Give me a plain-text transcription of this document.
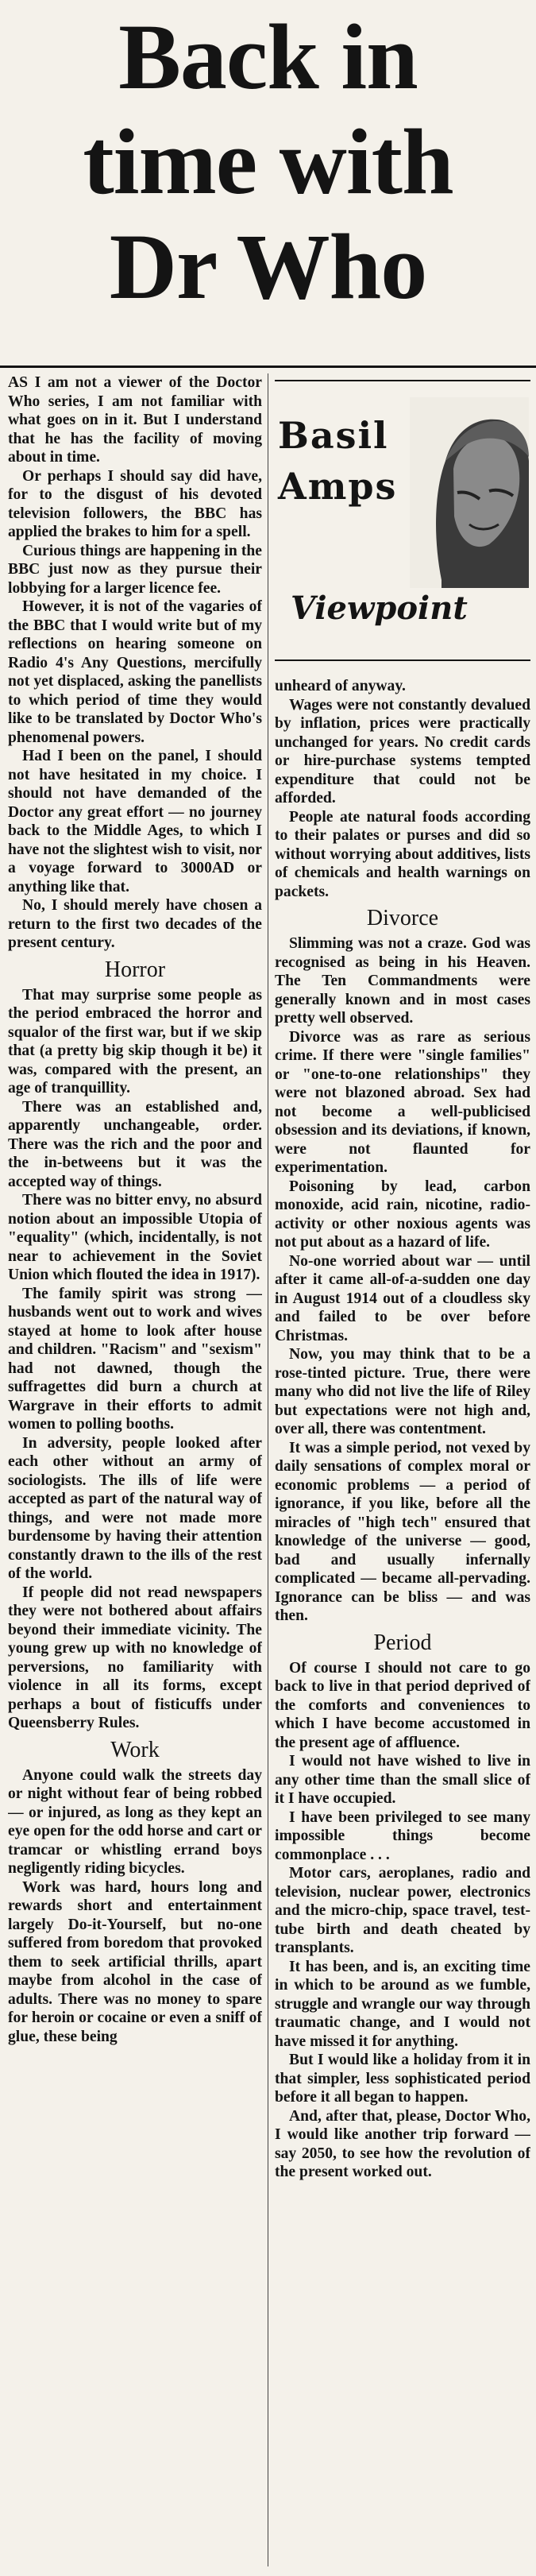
Back in
time with
Dr Who
Basil
Amps
Viewpoint

AS I am not a viewer of the Doctor Who series, I am not familiar with what goes on in it. But I understand that he has the facility of moving about in time.

Or perhaps I should say did have, for to the disgust of his devoted television followers, the BBC has applied the brakes to him for a spell.

Curious things are happening in the BBC just now as they pursue their lobbying for a larger licence fee.

However, it is not of the vagaries of the BBC that I would write but of my reflections on hearing someone on Radio 4's Any Questions, mercifully not yet displaced, asking the panellists to which period of time they would like to be translated by Doctor Who's phenomenal powers.

Had I been on the panel, I should not have hesitated in my choice. I should not have demanded of the Doctor any great effort — no journey back to the Middle Ages, to which I have not the slightest wish to visit, nor a voyage forward to 3000AD or anything like that.

No, I should merely have chosen a return to the first two decades of the present century.

Horror

That may surprise some people as the period embraced the horror and squalor of the first war, but if we skip that (a pretty big skip though it be) it was, compared with the present, an age of tranquillity.

There was an established and, apparently unchangeable, order. There was the rich and the poor and the in-betweens but it was the accepted way of things.

There was no bitter envy, no absurd notion about an impossible Utopia of "equality" (which, incidentally, is not near to achievement in the Soviet Union which flouted the idea in 1917).

The family spirit was strong — husbands went out to work and wives stayed at home to look after house and children. "Racism" and "sexism" had not dawned, though the suffragettes did burn a church at Wargrave in their efforts to admit women to polling booths.

In adversity, people looked after each other without an army of sociologists. The ills of life were accepted as part of the natural way of things, and were not made more burdensome by having their attention constantly drawn to the ills of the rest of the world.

If people did not read newspapers they were not bothered about affairs beyond their immediate vicinity. The young grew up with no knowledge of perversions, no familiarity with violence in all its forms, except perhaps a bout of fisticuffs under Queensberry Rules.

Work

Anyone could walk the streets day or night without fear of being robbed — or injured, as long as they kept an eye open for the odd horse and cart or tramcar or whistling errand boys negligently riding bicycles.

Work was hard, hours long and rewards short and entertainment largely Do-it-Yourself, but no-one suffered from boredom that provoked them to seek artificial thrills, apart maybe from alcohol in the case of adults. There was no money to spare for heroin or cocaine or even a sniff of glue, these being

unheard of anyway.

Wages were not constantly devalued by inflation, prices were practically unchanged for years. No credit cards or hire-purchase systems tempted expenditure that could not be afforded.

People ate natural foods according to their palates or purses and did so without worrying about additives, lists of chemicals and health warnings on packets.

Divorce

Slimming was not a craze. God was recognised as being in his Heaven. The Ten Commandments were generally known and in most cases pretty well observed.

Divorce was as rare as serious crime. If there were "single families" or "one-to-one relationships" they were not blazoned abroad. Sex had not become a well-publicised obsession and its deviations, if known, were not flaunted for experimentation.

Poisoning by lead, carbon monoxide, acid rain, nicotine, radio-activity or other noxious agents was not put about as a hazard of life.

No-one worried about war — until after it came all-of-a-sudden one day in August 1914 out of a cloudless sky and failed to be over before Christmas.

Now, you may think that to be a rose-tinted picture. True, there were many who did not live the life of Riley but expectations were not high and, over all, there was contentment.

It was a simple period, not vexed by daily sensations of complex moral or economic problems — a period of ignorance, if you like, before all the miracles of "high tech" ensured that knowledge of the universe — good, bad and usually infernally complicated — became all-pervading. Ignorance can be bliss — and was then.

Period

Of course I should not care to go back to live in that period deprived of the comforts and conveniences to which I have become accustomed in the present age of affluence.

I would not have wished to live in any other time than the small slice of it I have occupied.

I have been privileged to see many impossible things become commonplace . . .

Motor cars, aeroplanes, radio and television, nuclear power, electronics and the micro-chip, space travel, test-tube birth and death cheated by transplants.

It has been, and is, an exciting time in which to be around as we fumble, struggle and wrangle our way through traumatic change, and I would not have missed it for anything.

But I would like a holiday from it in that simpler, less sophisticated period before it all began to happen.

And, after that, please, Doctor Who, I would like another trip forward — say 2050, to see how the revolution of the present worked out.
